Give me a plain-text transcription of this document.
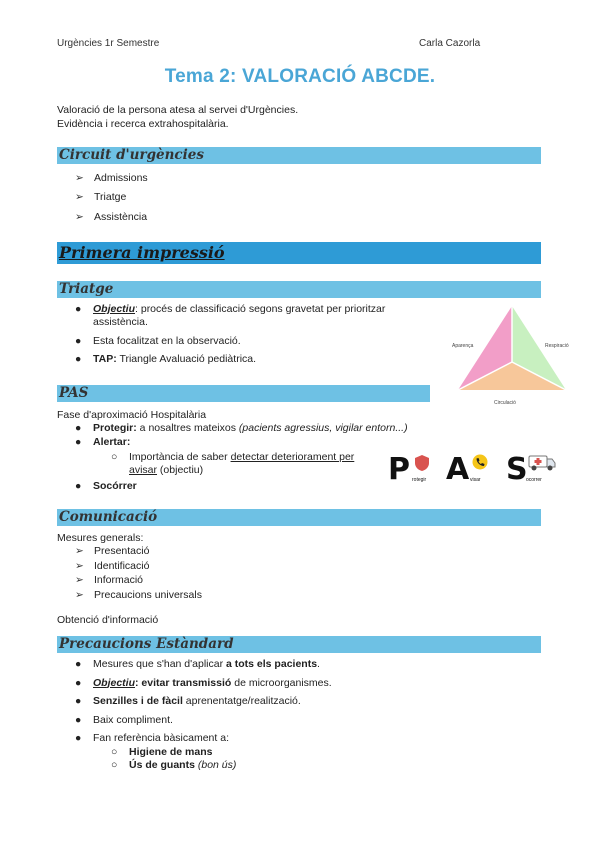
Urgències 1r Semestre	Carla Cazorla
Tema 2: VALORACIÓ ABCDE.
Valoració de la persona atesa al servei d'Urgències.
Evidència i recerca extrahospitalària.
Circuit d'urgències
➢ Admissions
➢ Triatge
➢ Assistència
Primera impressió
Triatge
●	Objectiu: procés de classificació segons gravetat per prioritzar
assistència.
●	Esta focalitzat en la observació.
●	TAP: Triangle Avaluació pediàtrica.
Aparença	Respiració
Circulació
PAS
Fase d'aproximació Hospitalària
●	Protegir: a nosaltres mateixos (pacients agressius, vigilar entorn...)
●	Alertar:
○	Importància de saber detectar deteriorament per
avisar (objectiu)
●	Socórrer	P rotegir A visar S
ocorrer
Comunicació
Mesures generals:
➢ Presentació
➢ Identificació
➢ Informació
➢ Precaucions universals
Obtenció d'informació
Precaucions Estàndard
●	Mesures que s'han d'aplicar a tots els pacients.
●	Objectiu: evitar transmissió de microorganismes.
●	Senzilles i de fàcil aprenentatge/realització.
●	Baix compliment.
●	Fan referència bàsicament a:
○	Higiene de mans
○	Ús de guants (bon ús)
